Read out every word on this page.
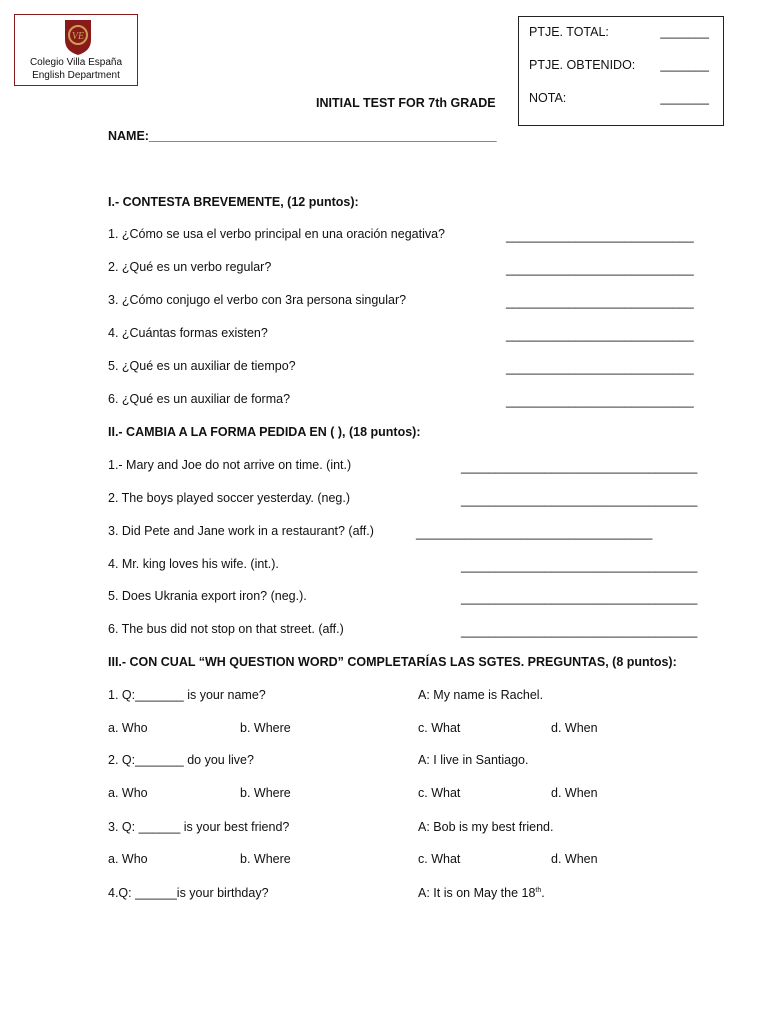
VE
Colegio Villa España
English Department
PTJE. TOTAL:	_______
PTJE. OBTENIDO: _______
NOTA:	_______
INITIAL TEST FOR 7th GRADE
NAME:__________________________________________________
I.- CONTESTA BREVEMENTE, (12 puntos):
1. ¿Cómo se usa el verbo principal en una oración negativa?	___________________________
2. ¿Qué es un verbo regular?	___________________________
3. ¿Cómo conjugo el verbo con 3ra persona singular?	___________________________
4. ¿Cuántas formas existen?	___________________________
5. ¿Qué es un auxiliar de tiempo?	___________________________
6. ¿Qué es un auxiliar de forma?	___________________________
II.- CAMBIA A LA FORMA PEDIDA EN ( ), (18 puntos):
1.- Mary and Joe do not arrive on time. (int.)	__________________________________
2. The boys played soccer yesterday. (neg.)	__________________________________
3. Did Pete and Jane work in a restaurant? (aff.)	__________________________________
4. Mr. king loves his wife. (int.).	__________________________________
5. Does Ukrania export iron? (neg.).	__________________________________
6. The bus did not stop on that street. (aff.)	__________________________________
III.- CON CUAL “WH QUESTION WORD” COMPLETARÍAS LAS SGTES. PREGUNTAS, (8 puntos):
1. Q:_______ is your name?	A: My name is Rachel.
a. Who	b. Where	c. What	d. When
2. Q:_______ do you live?	A: I live in Santiago.
a. Who	b. Where	c. What	d. When
3. Q: ______ is your best friend?	A: Bob is my best friend.
a. Who	b. Where	c. What	d. When
4.Q: ______is your birthday?	A: It is on May the 18th.
